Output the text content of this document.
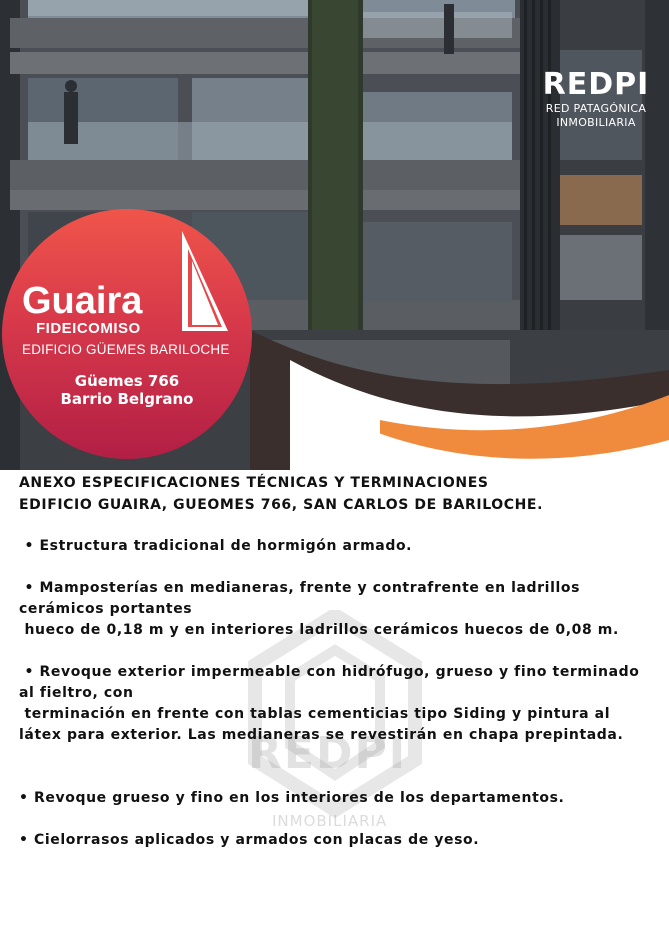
REDPI
RED PATAGÓNICA
INMOBILIARIA
Guaira
FIDEICOMISO
EDIFICIO GÜEMES BARILOCHE
Güemes 766
Barrio Belgrano
REDPI
INMOBILIARIA
ANEXO ESPECIFICACIONES TÉCNICAS Y TERMINACIONES
EDIFICIO GUAIRA, GUEOMES 766, SAN CARLOS DE BARILOCHE.
• Estructura tradicional de hormigón armado.
• Mamposterías en medianeras, frente y contrafrente en ladrillos
cerámicos portantes
hueco de 0,18 m y en interiores ladrillos cerámicos huecos de 0,08 m.
• Revoque exterior impermeable con hidrófugo, grueso y fino terminado
al fieltro, con
terminación en frente con tablas cementicias tipo Siding y pintura al
látex para exterior. Las medianeras se revestirán en chapa prepintada.
• Revoque grueso y fino en los interiores de los departamentos.
• Cielorrasos aplicados y armados con placas de yeso.
